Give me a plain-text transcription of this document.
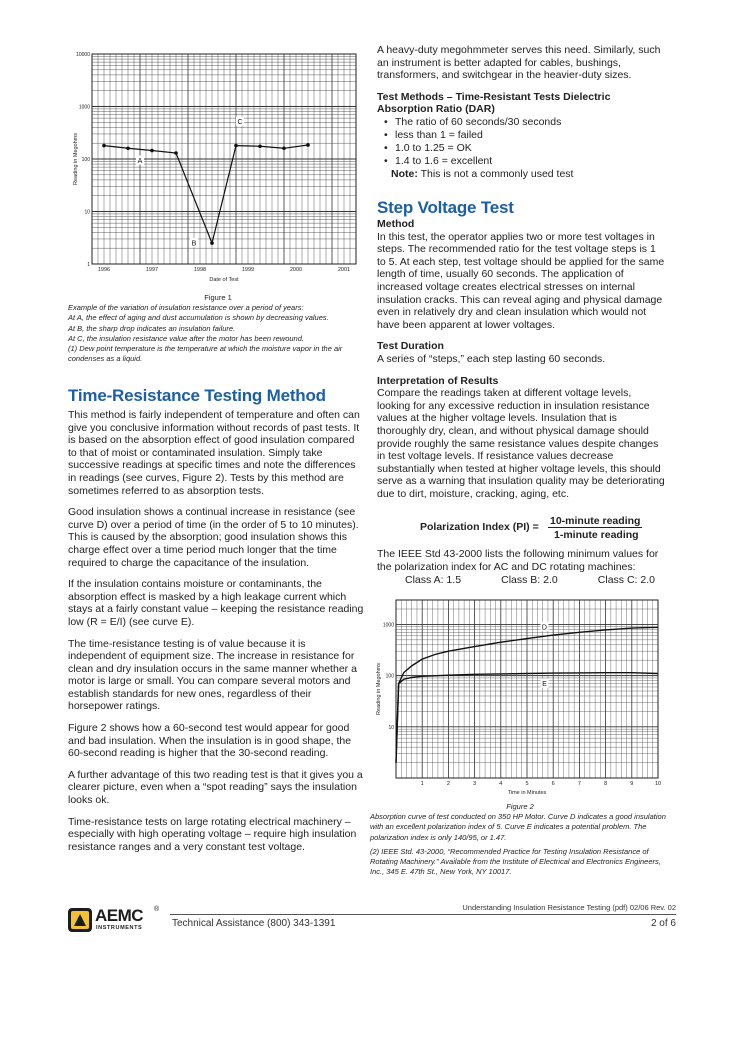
10000
1000
100
10
1
1996	1997	1998	1999	2000	2001
Date of Test
Reading in Megohms	A
B
C
Figure 1
Example of the variation of insulation resistance over a period of years:
At A, the effect of aging and dust accumulation is shown by decreasing values.
At B, the sharp drop indicates an insulation failure.
At C, the insulation resistance value after the motor has been rewound.
(1) Dew point temperature is the temperature at which the moisture vapor in the air condenses as a liquid.
Time-Resistance Testing Method

This method is fairly independent of temperature and often can give you conclusive information without records of past tests. It is based on the absorption effect of good insulation compared to that of moist or contaminated insulation. Simply take successive readings at specific times and note the differences in readings (see curves, Figure 2). Tests by this method are sometimes referred to as absorption tests.

Good insulation shows a continual increase in resistance (see curve D) over a period of time (in the order of 5 to 10 minutes). This is caused by the absorption; good insulation shows this charge effect over a time period much longer that the time required to charge the capacitance of the insulation.

If the insulation contains moisture or contaminants, the absorption effect is masked by a high leakage current which stays at a fairly constant value – keeping the resistance reading low (R = E/I) (see curve E).

The time-resistance testing is of value because it is independent of equipment size. The increase in resistance for clean and dry insulation occurs in the same manner whether a motor is large or small. You can compare several motors and establish standards for new ones, regardless of their horsepower ratings.

Figure 2 shows how a 60-second test would appear for good and bad insulation. When the insulation is in good shape, the 60-second reading is higher that the 30-second reading.

A further advantage of this two reading test is that it gives you a clearer picture, even when a “spot reading” says the insulation looks ok.

Time-resistance tests on large rotating electrical machinery – especially with high operating voltage – require high insulation resistance ranges and a very constant test voltage.

A heavy-duty megohmmeter serves this need. Similarly, such an instrument is better adapted for cables, bushings, transformers, and switchgear in the heavier-duty sizes.

Test Methods – Time-Resistant Tests Dielectric Absorption Ratio (DAR)

• The ratio of 60 seconds/30 seconds
• less than 1 = failed
• 1.0 to 1.25 = OK
• 1.4 to 1.6 = excellent

Note: This is not a commonly used test

Step Voltage Test

Method

In this test, the operator applies two or more test voltages in steps. The recommended ratio for the test voltage steps is 1 to 5. At each step, test voltage should be applied for the same length of time, usually 60 seconds. The application of increased voltage creates electrical stresses on internal insulation cracks. This can reveal aging and physical damage even in relatively dry and clean insulation which would not have been apparent at lower voltages.

Test Duration

A series of “steps,” each step lasting 60 seconds.

Interpretation of Results

Compare the readings taken at different voltage levels, looking for any excessive reduction in insulation resistance values at the higher voltage levels. Insulation that is thoroughly dry, clean, and without physical damage should provide roughly the same resistance values despite changes in test voltage levels. If resistance values decrease substantially when tested at higher voltage levels, this should serve as a warning that insulation quality may be deteriorating due to dirt, moisture, cracking, aging, etc.

Polarization Index (PI) = 10-minute reading
1-minute reading

The IEEE Std 43-2000 lists the following minimum values for the polarization index for AC and DC rotating machines:

Class A: 1.5	Class B: 2.0	Class C: 2.0
1000
100
10
1	2	3	4	5	6	7	8	9	10
Time in Minutes
Reading in Megohms
D
E
Figure 2
Absorption curve of test conducted on 350 HP Motor. Curve D indicates a good insulation with an excellent polarization index of 5. Curve E indicates a potential problem. The polarization index is only 140/95, or 1.47.
(2) IEEE Std. 43-2000, “Recommended Practice for Testing Insulation Resistance of Rotating Machinery.” Available from the Institute of Electrical and Electronics Engineers, Inc., 345 E. 47th St., New York, NY 10017.
AEMC ®
INSTRUMENTS
Understanding Insulation Resistance Testing (pdf) 02/06 Rev. 02
Technical Assistance (800) 343-1391	2 of 6
